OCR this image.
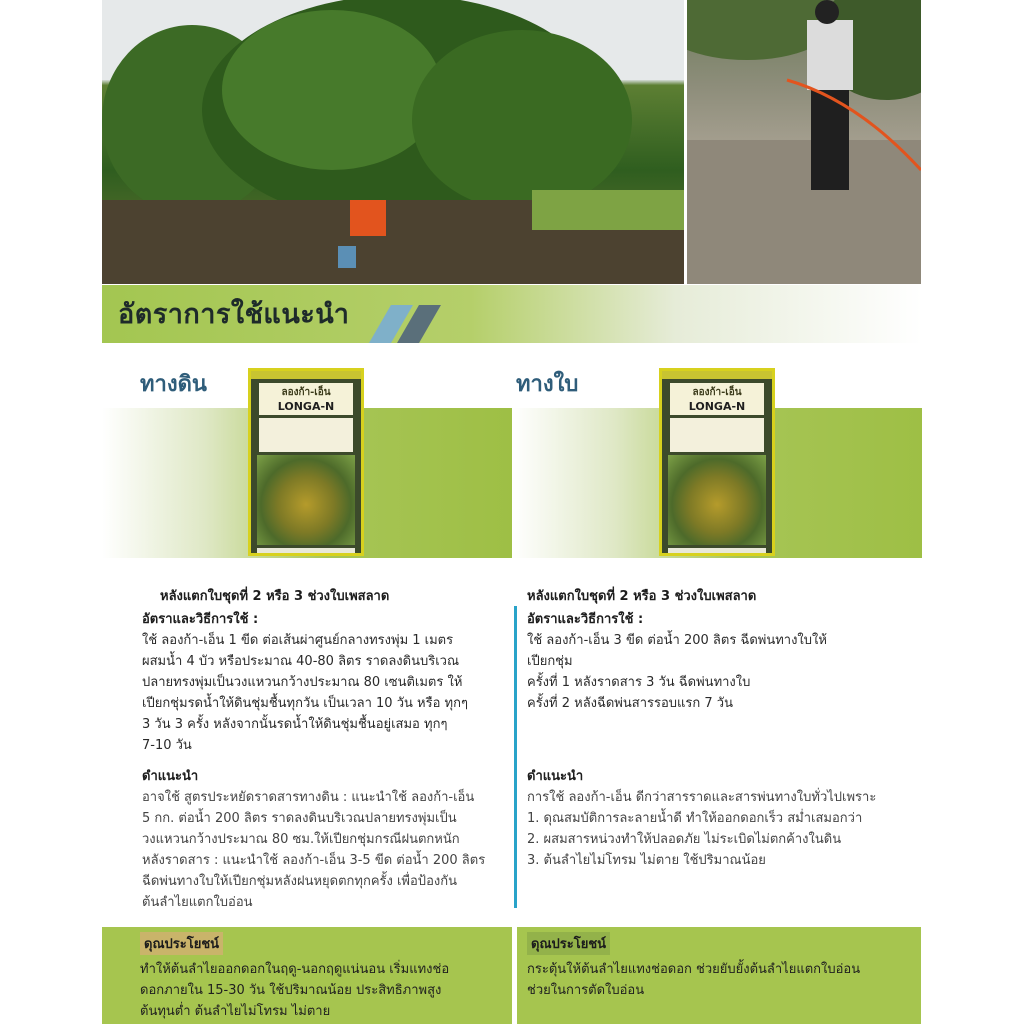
อัตราการใช้แนะนำ
ทางดิน	ทางใบ
ลองก้า-เอ็น
LONGA-N
ลองก้า-เอ็น
LONGA-N
หลังแตกใบชุดที่ 2 หรือ 3 ช่วงใบเพสลาด
อัตราและวิธีการใช้ :
ใช้ ลองก้า-เอ็น 1 ขีด ต่อเส้นผ่าศูนย์กลางทรงพุ่ม 1 เมตร
ผสมน้ำ 4 บัว หรือประมาณ 40-80 ลิตร ราดลงดินบริเวณ
ปลายทรงพุ่มเป็นวงแหวนกว้างประมาณ 80 เซนติเมตร ให้
เปียกชุ่มรดน้ำให้ดินชุ่มชื้นทุกวัน เป็นเวลา 10 วัน หรือ ทุกๆ
3 วัน 3 ครั้ง หลังจากนั้นรดน้ำให้ดินชุ่มชื้นอยู่เสมอ ทุกๆ
7-10 วัน
ดำแนะนำ
อาจใช้ สูตรประหยัดราดสารทางดิน : แนะนำใช้ ลองก้า-เอ็น
5 กก. ต่อน้ำ 200 ลิตร ราดลงดินบริเวณปลายทรงพุ่มเป็น
วงแหวนกว้างประมาณ 80 ซม.ให้เปียกชุ่มกรณีฝนตกหนัก
หลังราดสาร : แนะนำใช้ ลองก้า-เอ็น 3-5 ขีด ต่อน้ำ 200 ลิตร
ฉีดพ่นทางใบให้เปียกชุ่มหลังฝนหยุดตกทุกครั้ง เพื่อป้องกัน
ต้นลำไยแตกใบอ่อน
หลังแตกใบชุดที่ 2 หรือ 3 ช่วงใบเพสลาด
อัตราและวิธีการใช้ :
ใช้ ลองก้า-เอ็น 3 ขีด ต่อน้ำ 200 ลิตร ฉีดพ่นทางใบให้
เปียกชุ่ม
ครั้งที่ 1 หลังราดสาร 3 วัน ฉีดพ่นทางใบ
ครั้งที่ 2 หลังฉีดพ่นสารรอบแรก 7 วัน
ดำแนะนำ
การใช้ ลองก้า-เอ็น ดีกว่าสารราดและสารพ่นทางใบทั่วไปเพราะ
1. ดุณสมบัติการละลายน้ำดี ทำให้ออกดอกเร็ว สม่ำเสมอกว่า
2. ผสมสารหน่วงทำให้ปลอดภัย ไม่ระเบิดไม่ตกค้างในดิน
3. ต้นลำไยไม่โทรม ไม่ตาย ใช้ปริมาณน้อย
ดุณประโยชน์
ทำให้ต้นลำไยออกดอกในฤดู-นอกฤดูแน่นอน เริ่มแทงช่อ
ดอกภายใน 15-30 วัน ใช้ปริมาณน้อย ประสิทธิภาพสูง
ต้นทุนต่ำ ต้นลำไยไม่โทรม ไม่ตาย
ดุณประโยชน์
กระตุ้นให้ต้นลำไยแทงช่อดอก ช่วยยับยั้งต้นลำไยแตกใบอ่อน
ช่วยในการตัดใบอ่อน
